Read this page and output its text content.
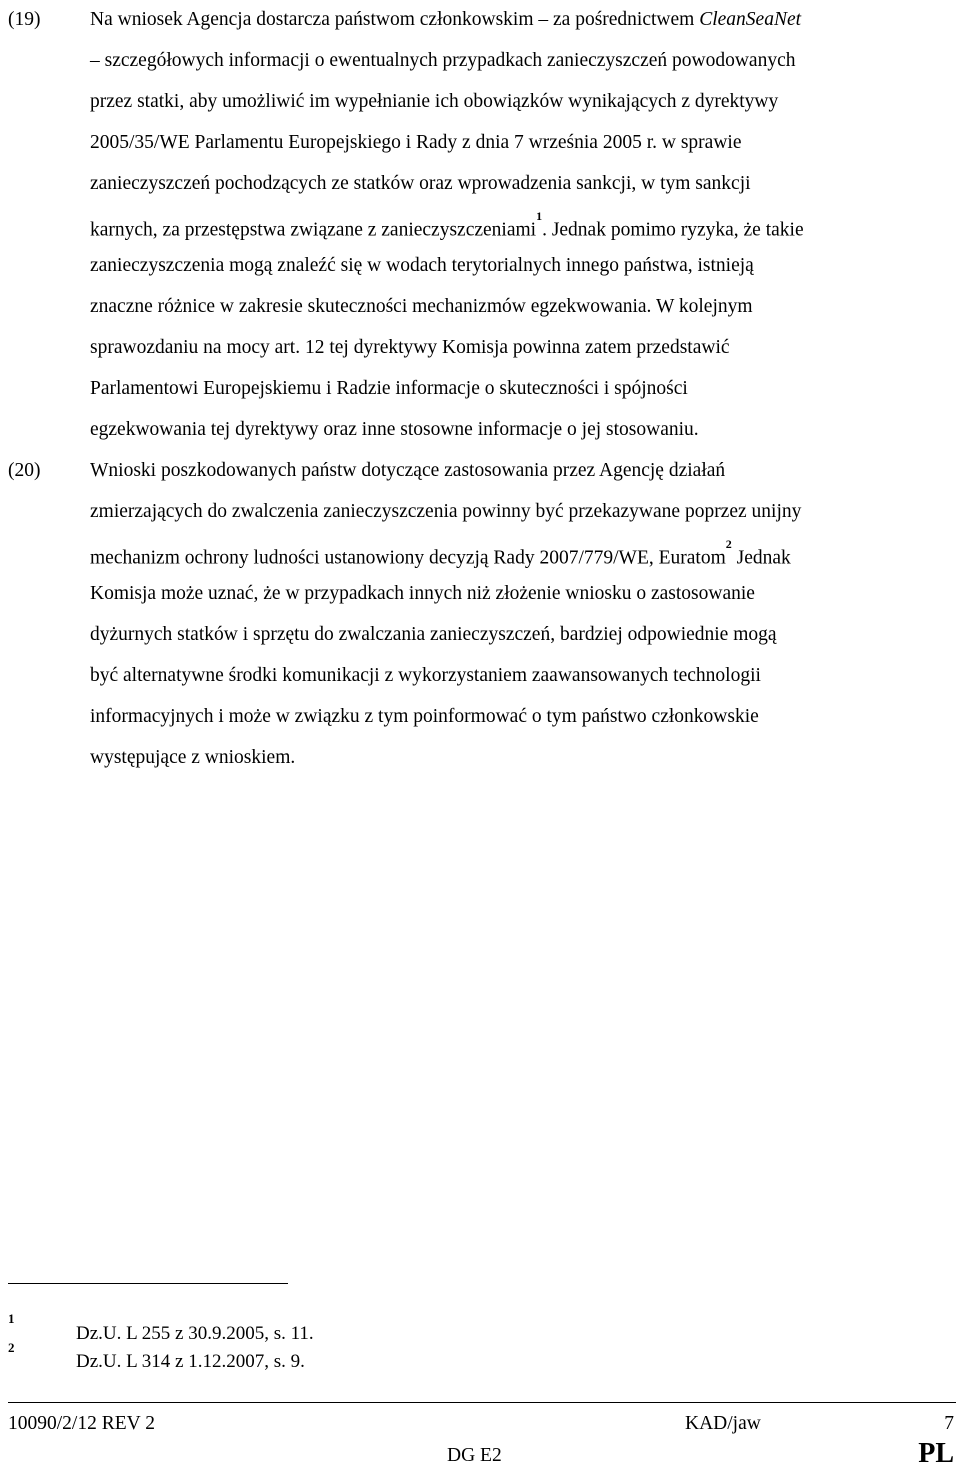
(19)	Na wniosek Agencja dostarcza państwom członkowskim – za pośrednictwem CleanSeaNet
– szczegółowych informacji o ewentualnych przypadkach zanieczyszczeń powodowanych
przez statki, aby umożliwić im wypełnianie ich obowiązków wynikających z dyrektywy
2005/35/WE Parlamentu Europejskiego i Rady z dnia 7 września 2005 r. w sprawie
zanieczyszczeń pochodzących ze statków oraz wprowadzenia sankcji, w tym sankcji
karnych, za przestępstwa związane z zanieczyszczeniami$^1$. Jednak pomimo ryzyka, że takie
zanieczyszczenia mogą znaleźć się w wodach terytorialnych innego państwa, istnieją
znaczne różnice w zakresie skuteczności mechanizmów egzekwowania. W kolejnym
sprawozdaniu na mocy art. 12 tej dyrektywy Komisja powinna zatem przedstawić
Parlamentowi Europejskiemu i Radzie informacje o skuteczności i spójności
egzekwowania tej dyrektywy oraz inne stosowne informacje o jej stosowaniu.
(20)	Wnioski poszkodowanych państw dotyczące zastosowania przez Agencję działań
zmierzających do zwalczenia zanieczyszczenia powinny być przekazywane poprzez unijny
mechanizm ochrony ludności ustanowiony decyzją Rady 2007/779/WE, Euratom$^2$ Jednak
Komisja może uznać, że w przypadkach innych niż złożenie wniosku o zastosowanie
dyżurnych statków i sprzętu do zwalczania zanieczyszczeń, bardziej odpowiednie mogą
być alternatywne środki komunikacji z wykorzystaniem zaawansowanych technologii
informacyjnych i może w związku z tym poinformować o tym państwo członkowskie
występujące z wnioskiem.
1
Dz.U. L 255 z 30.9.2005, s. 11.
2
Dz.U. L 314 z 1.12.2007, s. 9.
10090/2/12 REV 2	KAD/jaw	7
DG E2	PL
